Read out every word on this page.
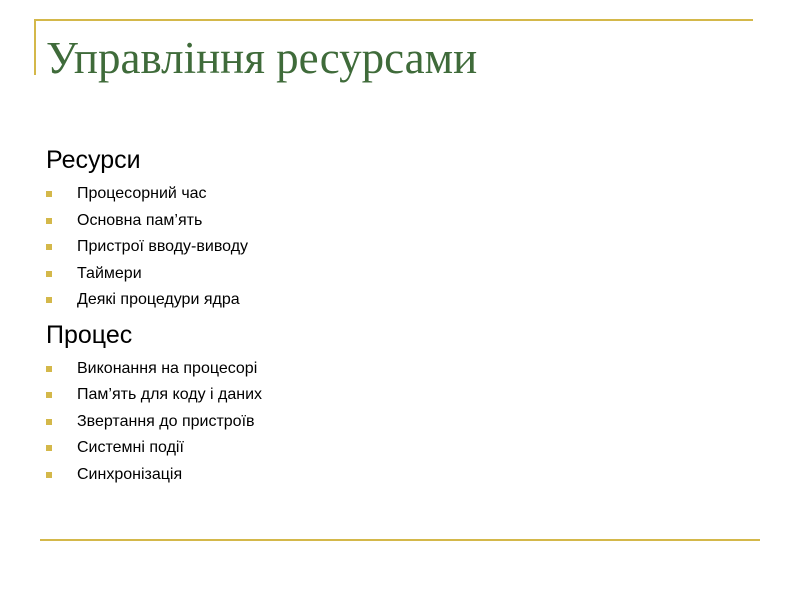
Управління ресурсами
Ресурси
Процесорний час
Основна пам’ять
Пристрої вводу-виводу
Таймери
Деякі процедури ядра
Процес
Виконання на процесорі
Пам’ять для коду і даних
Звертання до пристроїв
Системні події
Синхронізація
